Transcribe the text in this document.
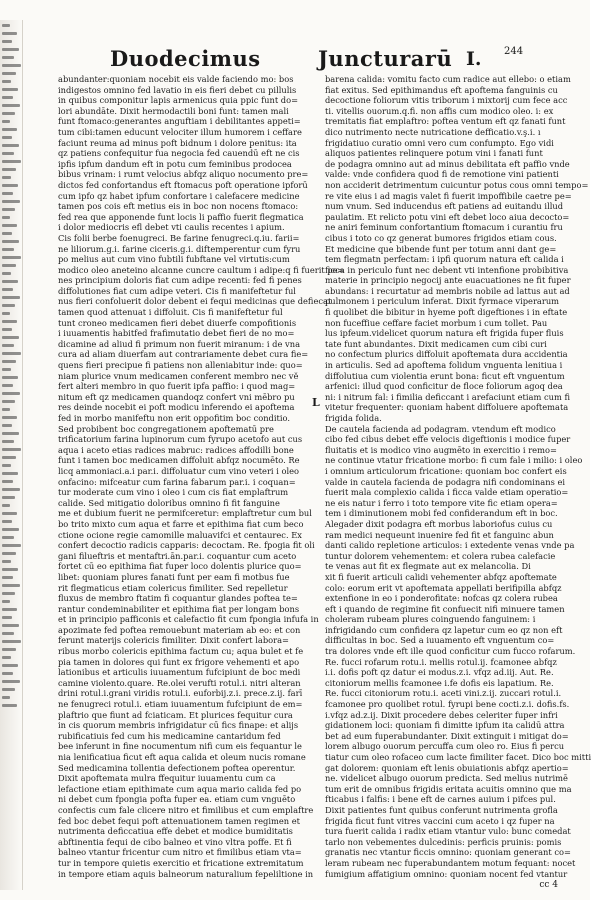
Duodecimus	Juncturarū I. 244
abundanter:quoniam nocebit eis valde faciendo mo: bos
indigestos omnino fed lavatio in eis fieri debet cu pillulis
in quibus componitur lapis armenicus quia ppic funt do=
lori abundāte. Dixit hermodactili boni funt: tamen mali
funt ftomaco:generantes anguftiam i debilitantes appeti=
tum cibi:tamen educunt velociter illum humorem i ceffare
faciunt reuma ad minus poft bidnum i dolore penitus: ita
qz patiens confequitur fua negocia fed cauendū eft ne cis
ipfis ipfum dandum eft in potu cum feminibus prodocea
bibus vrinam: i rumt velocius abfqz aliquo nocumento pre=
dictos fed confortandus eft ftomacus poft operatione ipforū
cum ipfo qz habet ipfum confortare i calefacere medicine
tamen pos cois eft metius eis in boc non nocens ftomaco:
fed rea que apponende funt locis li paffio fuerit flegmatica
i dolor mediocris efl debet vti caulis recentes i apium.
Cis folii berbe foenugreci. Be farine fenugreci.q.iu. farii=
ne liliorum.g.i. farine ciceris.g.i. diftemperentur cum fyru
po melius aut cum vino fubtili fubftane vel virtutis:cum
modico oleo aneteino alcanne cuncre caultum i adipe:q fi fuerit pe=
nes principium doloris fiat cum adipe recenti: fed fi penes
diffolutiones fiat cum adipe veteri. Cis fi manifeftetur ful
nus fieri confoluerit dolor debent ei fequi medicinas que defiecat
tamen quod attenuat i diffoluit. Cis fi manifeftetur ful
tunt croneo medicamen fieri debet diuerfe compofitionis
i iuuamentis habitfed frafimutatio debet fieri de no mo=
dicamine ad aliud fi primum non fuerit miranum: i de vna
cura ad aliam diuerfam aut contrariamente debet cura fie=
quens fieri precipue fi patiens non alleniabitur inde: quo=
niam plurice vnum medicamen conferent membro nec vĕ
fert alteri membro in quo fuerit ipfa paffio: i quod mag=
nitum eft qz medicamen quandoqz confert vni mēbro pu
res deinde nocebit ei poft modicu inferendo ei apoftema
fed in morbo manifeftu non erit oppofitim boc conditio.
Sed probibent boc congregationem apoftematū pre
trificatorium farina lupinorum cum fyrupo acetofo aut cus
aqua i aceto etias radices mabruc: radices affodilli bone
funt i tamen boc medicamen diffoluit abfqz nocumēto. Re
licq ammoniaci.a.i par.i. diffoluatur cum vino veteri i oleo
onfacino: mifceatur cum farina fabarum par.i. i coquan=
tur moderate cum vino i oleo i cum cis fiat emplaftrum
calide. Sed mitigatio doloribus omnino fi fit fanguine
me et dubium fuerit ne permifceretur: emplaftretur cum bul
bo trito mixto cum aqua et farre et epithima fiat cum beco
ctione ocione regie camomille maluavifci et centaurec. Ex
confert decoctio radicis capparis: decoctam. Re. fpogia fit oli
gani filueftris et mentaftri.ān.par.i. coquantur cum aceto
fortet cū eo epithima fiat fuper loco dolentis plurice quo=
libet: quoniam plures fanati funt per eam fi motbus fue
rit flegmaticus etiam colericus fimiliter. Sed repelletur
fluxus de membro ftatim fi coquantur glandes poftea te=
rantur condeminabiliter et epithima fiat per longam bons
et in principio pafficonis et calefactio fit cum fpongia infufa in
apozimate fed poftea remouebunt materiam ab eo: et con
ferunt materijs colericis fimiliter. Dixit confert labora=
ribus morbo colericis epithima factum cu; aqua bulet et fe
pia tamen in dolores qui funt ex frigore vehementi et apo
lationibus et articulis iuuamentum fufcipiunt de boc medi
camine violento.quare. Re.olei verufti rotul.i. nitri alteran
drini rotul.i.grani viridis rotul.i. euforbij.z.i. prece.z.ij. farī
ne fenugreci rotul.i. etiam iuuamentum fufcipiunt de em=
plaftrio que fiunt ad fciaticam. Et plurices fequitur cura
in cis quorum membris infrigidatur cū fics finape: et alijs
rubificatiuis fed cum his medicamine cantaridum fed
bee inferunt in fine nocumentum nifi cum eis fequantur le
nia lenificatiua ficut eft aqua calida et oleum nucis romane
Sed medicamina tollentia defectionem poftea operentur.
Dixit apoftemata mulra ffequitur iuuamentu cum ca
lefactione etiam epithimate cum aqua mario calida fed po
ni debet cum fpongia pofta fuper ea. etiam cum vnguēto
confectis cum fale clicere nitro et fimilibus et cum emplaftre
fed boc debet fequi poft attenuationem tamen regimen et
nutrimenta deficcatiua effe debet et modice bumiditatis
abftinentia fequi de cibo balneo et vino vltra poffe. Et fi
balneo vtantur fricentur cum nitro et fimilibus etiam vta=
tur in tempore quietis exercitio et fricatione extremitatum
in tempore etiam aquis balneorum naturalium fepeliltione in
L
barena calida: vomitu facto cum radice aut ellebo: o etiam
fiat exitus. Sed epithimandus eft apoftema fanguinis cu
decoctione foliorum vitis triborum i mixtorij cum fece acc
ti. vitellis ouorum.q.fi. non affis cum modico oleo. i: ex
tremitatis fiat emplaftro: poftea ventum eft qz fanati funt
dico nutrimento necte nutricatione defficatio.v.ş.i. ı
frigidatiuo curatio omni vero cum confumpto. Ego vidi
aliquos patientes relinquere potum vini i fanati funt
de podagra omnino aut ad minus debilitata eft paffio vnde
valde: vnde confidera quod fi de remotione vini patienti
non acciderit detrimentum cuicuntur potus cous omni tempo=
re vite eius i ad magis valet fi fuerit impoffibile caetre pe=
num vnum. Sed inducendus eft patiens ad euitandu illud
paulatim. Et relicto potu vini eft debet loco aiua decocto=
ne aniri feminum confortantium ftomacum i curantiu fru
cibus i toto co qz generat bumores frigidos etiam cous.
Et medicine que bibende funt per totum anni dant ge=
tem flegmatn perfectam: i ipfi quorum natura eft calida i
ficca in periculo funt nec debent vti intenfione probibitiva
materie in principio negocij ante euacuationes ne fit fuper
abundans: i recurtatur ad membris nobile ad lattus aut ad
pulmonem i periculum inferat. Dixit fyrmace viperarum
fi quolibet die bibitur in hyeme poft digeftiones i in eftate
non fuceffiue ceffare faciet morbum i cum tollet. Pau
lus ipfeum.videlicet quorum natura eft frigida fuper fluis
tate funt abundantes. Dixit medicamen cum cibi curi
no confectum plurics diffoluit apoftemata dura accidentia
in articulis. Sed ad apoftema folidum vnguenta lenitiua i
diffolutiua cum violentia erunt bona: ficut eft vnguentum
arfenici: illud quod conficitur de floce foliorum agoq dea
ni: i nitrum fal: i fimilia deficcant i arefaciunt etiam cum fi
vitetur frequenter: quoniam habent diffoluere apoftemata
frigida folida.
De cautela facienda ad podagram. vtendum eft modico
cibo fed cibus debet effe velocis digeftionis i modice fuper
fluitatis et is modico vino augmēto in exercitio i remo=
ne continue vtatur fricatione morbo: fi cum fale i milio: i oleo
i omnium articulorum fricatione: quoniam boc confert eis
valde in cautela facienda de podagra nifi condominans ei
fuerit mala complexio calida i ficca valde etiam operatio=
ne eis natur i ferro i toto tempore vite fic etiam opera=
tem i diminutionem mobi fed confiderandum eft in boc.
Alegader dixit podagra eft morbus laboriofus cuius cu
ram medici nequeunt inuenire fed fit et fanguinc abun
danti calido repletione articulos: i extedente venas vnde pa
tuntur dolorem vehementem: et colera rubea calefacie
te venas aut fit ex flegmate aut ex melancolia. Di
xit fi fuerit articuli calidi vehementer abfqz apoftemate
colo: eorum erit vt apoftemata appellati berifipilla abfqz
extenfione in eo i ponderofitate: nofcas qz colera rubea
eft i quando de regimine fit confuecit nifi minuere tamen
choleram rubeam plures coinguendo fanguinem: i
infrigidando cum confidera qz lapetur cum eo qz non eft
difficultas in boc. Sed a iuuamento eft vnguentum co=
tra dolores vnde eft ille quod conficitur cum fucco rofarum.
Re. fucci rofarum rotu.i. mellis rotul.ij. fcamonee abfqz
i.i. dofis poft qz datur ei modus.z.i. vfqz ad.iij. Aut. Re.
citoniorum mellis fcamonee i.fe dofis eis lapatium. Re.
Re. fucci citoniorum rotu.i. aceti vini.z.ij. zuccari rotul.i.
fcamonee pro quolibet rotul. fyrupi bene cocti.z.i. dofis.fs.
i.vfqz ad.z.ij. Dixit procedere debes celeriter fuper infri
gidationem loci: quoniam fi dimitte ipfum ita calidū attra
bet ad eum fuperabundanter. Dixit extinguit i mitigat do=
lorem albugo ouorum percuffa cum oleo ro. Eius fi percu
tiatur cum oleo rofaceo cum lacte fimiliter facet. Dico boc mitti
gat dolorem: quoniam eft lenis obuiationis abfqz apertio=
ne. videlicet albugo ouorum predicta. Sed melius nutrimē
tum erit de omnibus frigidis eritata acuitis omnino que ma
fticabus i falfis: i bene eft de carnes auium i pifces pul.
Dixit patientes funt quibus conferunt nutrimenta grofla
frigida ficut funt vitres vaccini cum aceto i qz fuper na
tura fuerit calida i radix etiam vtantur vulo: bunc comedat
tarlo non vebementes dulcedinis: perficis pruinis: pomis
granatis nec vtantur ficcis omnino: quoniam generant co=
leram rubeam nec fuperabundantem motum fequant: nocet
fumigium affatigium omnino: quoniam nocent fed vtantur
cc 4
